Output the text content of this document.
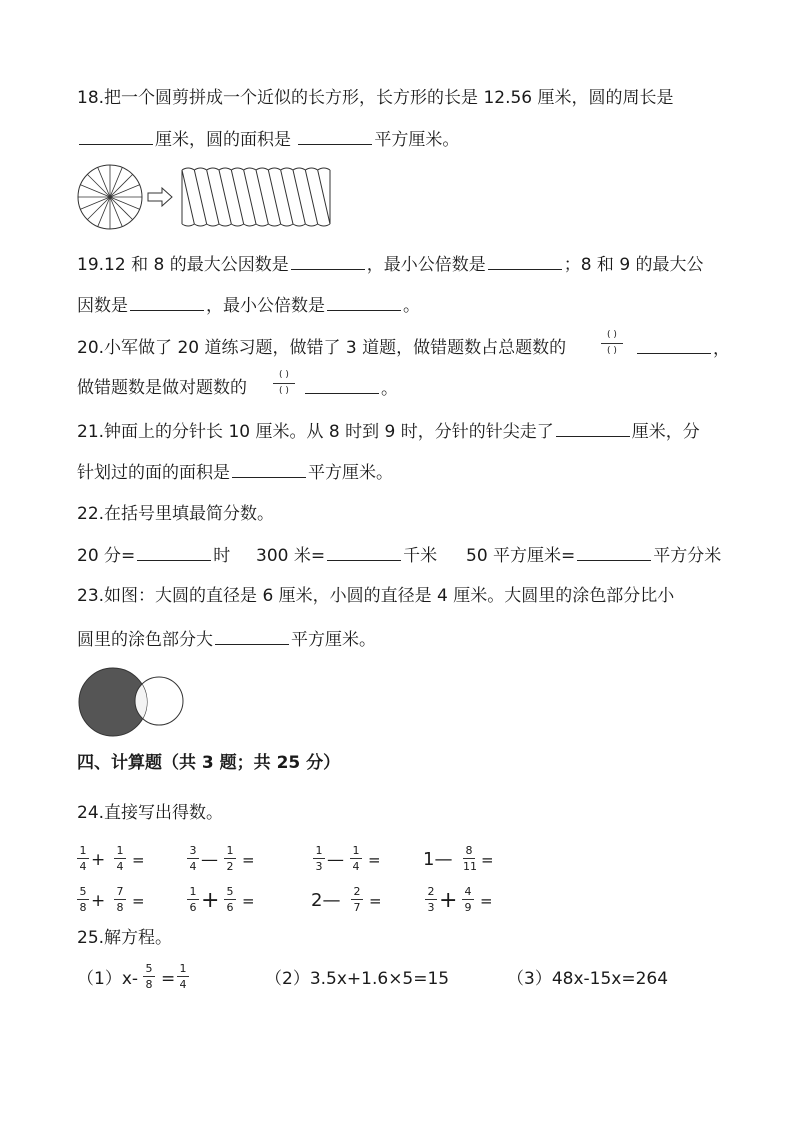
18.把一个圆剪拼成一个近似的长方形，长方形的长是 12.56 厘米，圆的周长是
厘米，圆的面积是	平方厘米。
19.12 和 8 的最大公因数是	，最小公倍数是	；8 和 9 的最大公
因数是	，最小公倍数是	。
20.小军做了 20 道练习题，做错了 3 道题，做错题数占总题数的
( )
( )	，
做错题数是做对题数的
( )
( )	。
21.钟面上的分针长 10 厘米。从 8 时到 9 时，分针的针尖走了	厘米，分
针划过的面的面积是	平方厘米。
22.在括号里填最简分数。
20 分=	时 300 米=	千米 50 平方厘米=	平方分米
23.如图：大圆的直径是 6 厘米，小圆的直径是 4 厘米。大圆里的涂色部分比小
圆里的涂色部分大	平方厘米。
四、计算题（共 3 题；共 25 分）
24.直接写出得数。
1
4 + 1
4 =
3
4 — 1
2 =
1
3 — 1
4 = 1— 8
11 =
5
8 + 7
8 =
1
6 + 5
6 =	2— 2
7 =
2
3 + 4
9 =
25.解方程。
（1）x-
5
8 =
1
4	（2）3.5x+1.6×5=15	（3）48x-15x=264
